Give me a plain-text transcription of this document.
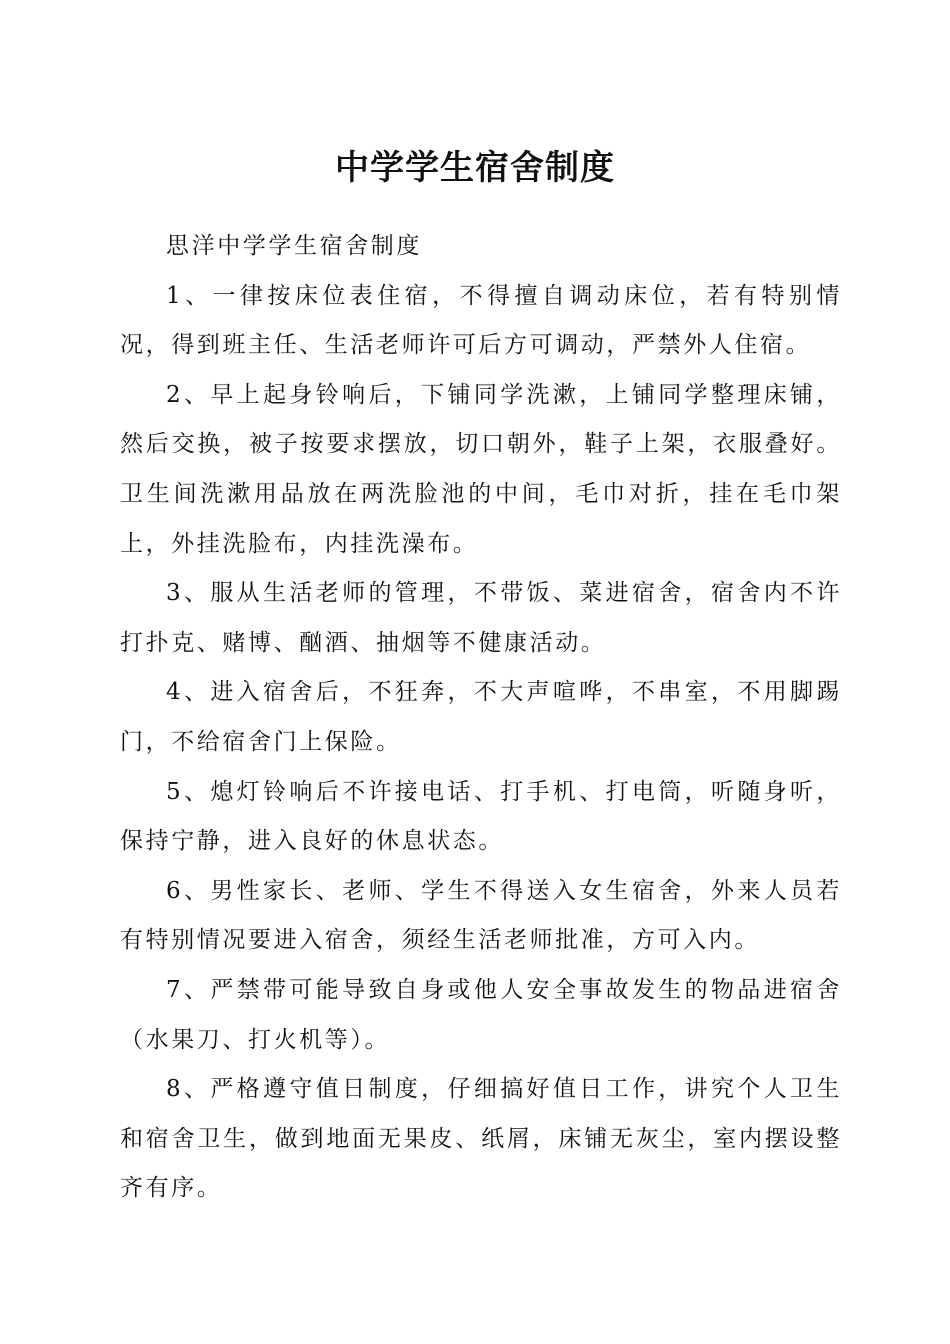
中学学生宿舍制度

思洋中学学生宿舍制度

1、一律按床位表住宿，不得擅自调动床位，若有特别情况，得到班主任、生活老师许可后方可调动，严禁外人住宿。

2、早上起身铃响后，下铺同学洗漱，上铺同学整理床铺，然后交换，被子按要求摆放，切口朝外，鞋子上架，衣服叠好。卫生间洗漱用品放在两洗脸池的中间，毛巾对折，挂在毛巾架上，外挂洗脸布，内挂洗澡布。

3、服从生活老师的管理，不带饭、菜进宿舍，宿舍内不许打扑克、赌博、酗酒、抽烟等不健康活动。

4、进入宿舍后，不狂奔，不大声喧哗，不串室，不用脚踢门，不给宿舍门上保险。

5、熄灯铃响后不许接电话、打手机、打电筒，听随身听，保持宁静，进入良好的休息状态。

6、男性家长、老师、学生不得送入女生宿舍，外来人员若有特别情况要进入宿舍，须经生活老师批准，方可入内。

7、严禁带可能导致自身或他人安全事故发生的物品进宿舍（水果刀、打火机等）。

8、严格遵守值日制度，仔细搞好值日工作，讲究个人卫生和宿舍卫生，做到地面无果皮、纸屑，床铺无灰尘，室内摆设整齐有序。
